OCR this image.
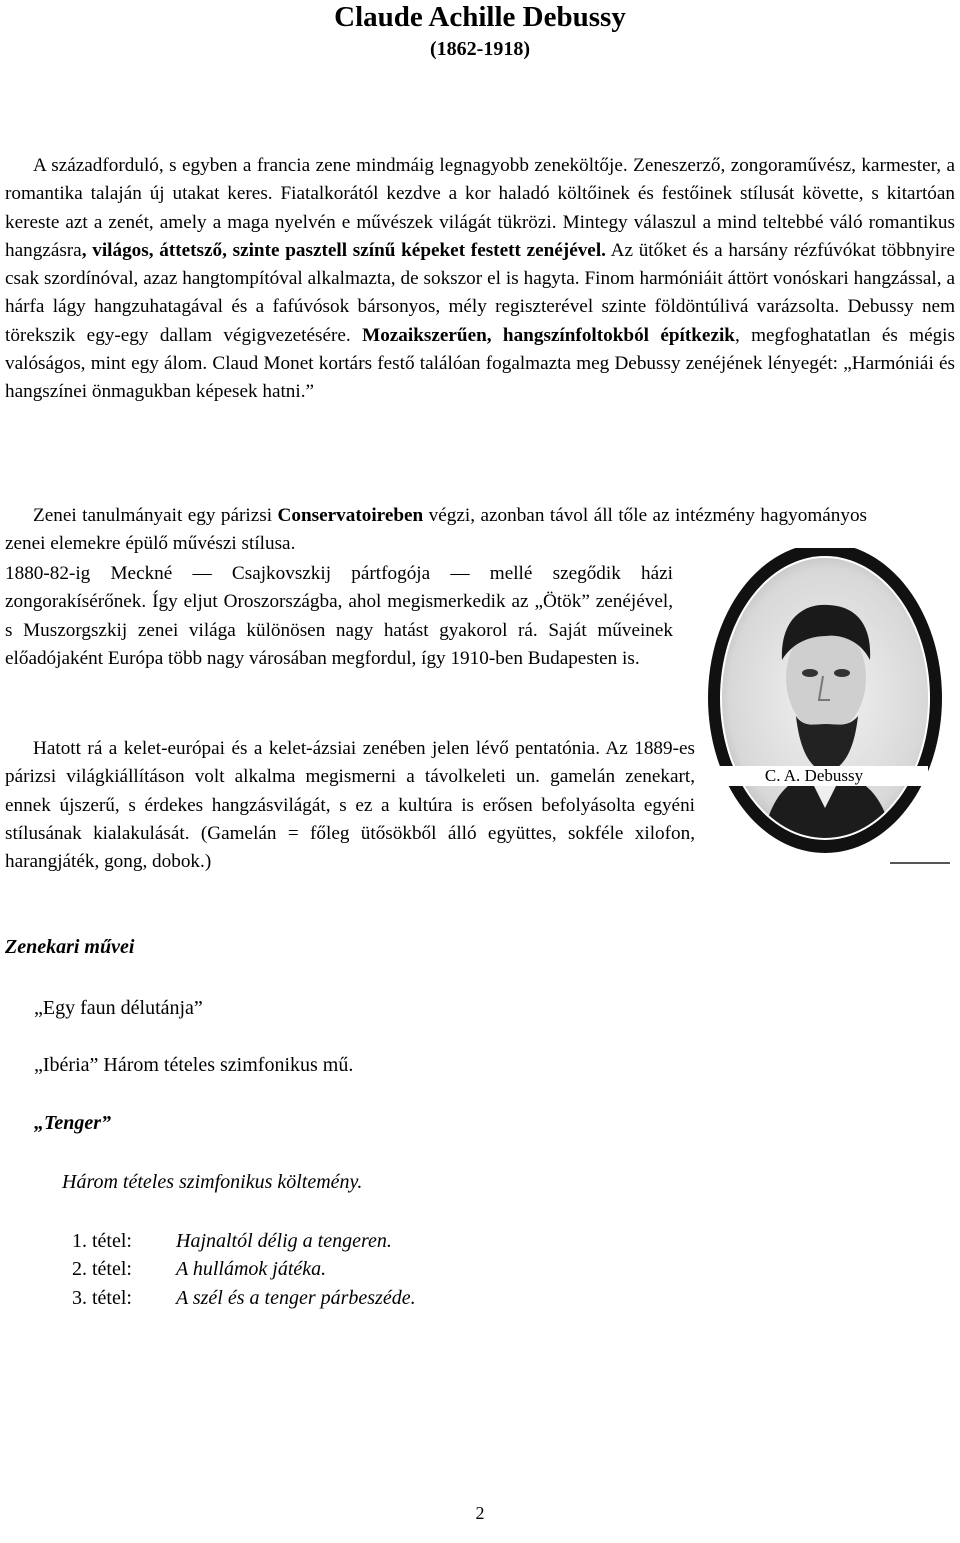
Claude Achille Debussy
(1862-1918)

A századforduló, s egyben a francia zene mindmáig legnagyobb zeneköltője. Zeneszerző, zongoraművész, karmester, a romantika talaján új utakat keres. Fiatalkorától kezdve a kor haladó költőinek és festőinek stílusát követte, s kitartóan kereste azt a zenét, amely a maga nyelvén e művészek világát tükrözi. Mintegy válaszul a mind teltebbé váló romantikus hangzásra, világos, áttetsző, szinte pasztell színű képeket festett zenéjével. Az ütőket és a harsány rézfúvókat többnyire csak szordínóval, azaz hangtompítóval alkalmazta, de sokszor el is hagyta. Finom harmóniáit áttört vonóskari hangzással, a hárfa lágy hangzuhatagával és a fafúvósok bársonyos, mély regiszterével szinte földöntúlivá varázsolta. Debussy nem törekszik egy-egy dallam végigvezetésére. Mozaikszerűen, hangszínfoltokból építkezik, megfoghatatlan és mégis valóságos, mint egy álom. Claud Monet kortárs festő találóan fogalmazta meg Debussy zenéjének lényegét: „Harmóniái és hangszínei önmagukban képesek hatni.”

Zenei tanulmányait egy párizsi Conservatoireben végzi, azonban távol áll tőle az intézmény hagyományos zenei elemekre épülő művészi stílusa.

1880-82-ig Meckné — Csajkovszkij pártfogója — mellé szegődik házi zongorakísérőnek. Így eljut Oroszországba, ahol megismerkedik az „Ötök” zenéjével, s Muszorgszkij zenei világa különösen nagy hatást gyakorol rá. Saját műveinek előadójaként Európa több nagy városában megfordul, így 1910-ben Budapesten is.

Hatott rá a kelet-európai és a kelet-ázsiai zenében jelen lévő pentatónia. Az 1889-es párizsi világkiállításon volt alkalma megismerni a távolkeleti un. gamelán zenekart, ennek újszerű, s érdekes hangzásvilágát, s ez a kultúra is erősen befolyásolta egyéni stílusának kialakulását. (Gamelán = főleg ütősökből álló együttes, sokféle xilofon, harangjáték, gong, dobok.)

C. A. Debussy
Zenekari művei
„Egy faun délutánja”
„Ibéria” Három tételes szimfonikus mű.
„Tenger”
Három tételes szimfonikus költemény.
1. tétel: Hajnaltól délig a tengeren.
2. tétel: A hullámok játéka.
3. tétel: A szél és a tenger párbeszéde.
2
